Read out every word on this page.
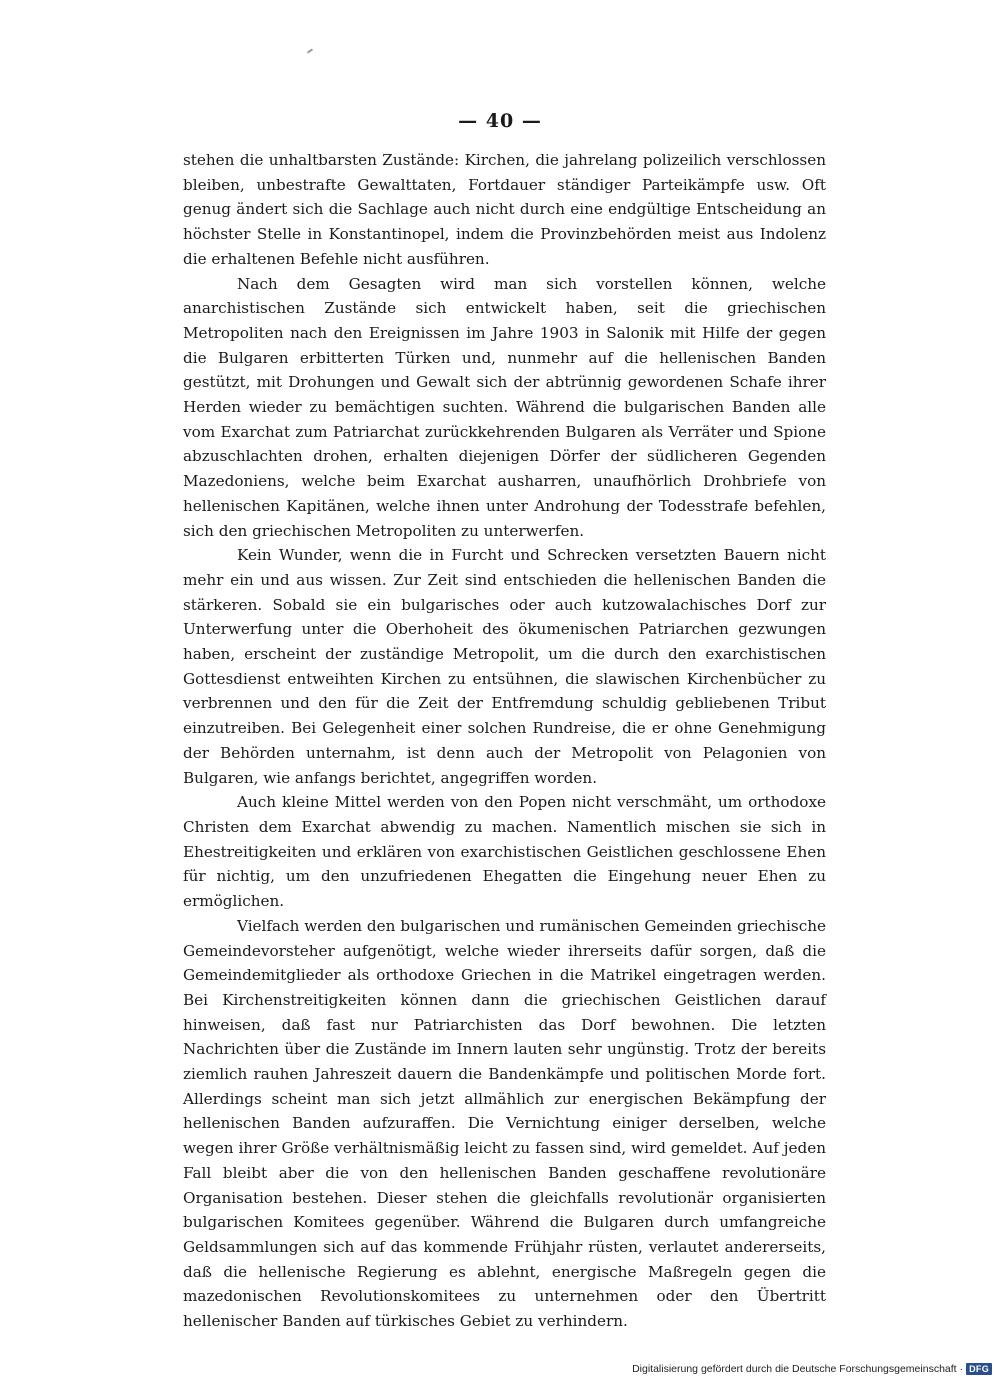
— 40 —

stehen die unhaltbarsten Zustände: Kirchen, die jahrelang polizeilich verschlossen bleiben, unbestrafte Gewalttaten, Fortdauer ständiger Parteikämpfe usw. Oft genug ändert sich die Sachlage auch nicht durch eine endgültige Entscheidung an höchster Stelle in Konstantinopel, indem die Provinzbehörden meist aus Indolenz die erhaltenen Befehle nicht ausführen.

Nach dem Gesagten wird man sich vorstellen können, welche anarchistischen Zustände sich entwickelt haben, seit die griechischen Metropoliten nach den Ereignissen im Jahre 1903 in Salonik mit Hilfe der gegen die Bulgaren erbitterten Türken und, nunmehr auf die hellenischen Banden gestützt, mit Drohungen und Gewalt sich der abtrünnig gewordenen Schafe ihrer Herden wieder zu bemächtigen suchten. Während die bulgarischen Banden alle vom Exarchat zum Patriarchat zurückkehrenden Bulgaren als Verräter und Spione abzuschlachten drohen, erhalten diejenigen Dörfer der südlicheren Gegenden Mazedoniens, welche beim Exarchat ausharren, unaufhörlich Drohbriefe von hellenischen Kapitänen, welche ihnen unter Androhung der Todesstrafe befehlen, sich den griechischen Metropoliten zu unterwerfen.

Kein Wunder, wenn die in Furcht und Schrecken versetzten Bauern nicht mehr ein und aus wissen. Zur Zeit sind entschieden die hellenischen Banden die stärkeren. Sobald sie ein bulgarisches oder auch kutzowalachisches Dorf zur Unterwerfung unter die Oberhoheit des ökumenischen Patriarchen gezwungen haben, erscheint der zuständige Metropolit, um die durch den exarchistischen Gottesdienst entweihten Kirchen zu entsühnen, die slawischen Kirchenbücher zu verbrennen und den für die Zeit der Entfremdung schuldig gebliebenen Tribut einzutreiben. Bei Gelegenheit einer solchen Rundreise, die er ohne Genehmigung der Behörden unternahm, ist denn auch der Metropolit von Pelagonien von Bulgaren, wie anfangs berichtet, angegriffen worden.

Auch kleine Mittel werden von den Popen nicht verschmäht, um orthodoxe Christen dem Exarchat abwendig zu machen. Namentlich mischen sie sich in Ehestreitigkeiten und erklären von exarchistischen Geistlichen geschlossene Ehen für nichtig, um den unzufriedenen Ehegatten die Eingehung neuer Ehen zu ermöglichen.

Vielfach werden den bulgarischen und rumänischen Gemeinden griechische Gemeindevorsteher aufgenötigt, welche wieder ihrerseits dafür sorgen, daß die Gemeindemitglieder als orthodoxe Griechen in die Matrikel eingetragen werden. Bei Kirchenstreitigkeiten können dann die griechischen Geistlichen darauf hinweisen, daß fast nur Patriarchisten das Dorf bewohnen. Die letzten Nachrichten über die Zustände im Innern lauten sehr ungünstig. Trotz der bereits ziemlich rauhen Jahreszeit dauern die Bandenkämpfe und politischen Morde fort. Allerdings scheint man sich jetzt allmählich zur energischen Bekämpfung der hellenischen Banden aufzuraffen. Die Vernichtung einiger derselben, welche wegen ihrer Größe verhältnismäßig leicht zu fassen sind, wird gemeldet. Auf jeden Fall bleibt aber die von den hellenischen Banden geschaffene revolutionäre Organisation bestehen. Dieser stehen die gleichfalls revolutionär organisierten bulgarischen Komitees gegenüber. Während die Bulgaren durch umfangreiche Geldsammlungen sich auf das kommende Frühjahr rüsten, verlautet andererseits, daß die hellenische Regierung es ablehnt, energische Maßregeln gegen die mazedonischen Revolutionskomitees zu unternehmen oder den Übertritt hellenischer Banden auf türkisches Gebiet zu verhindern.

Digitalisierung gefördert durch die Deutsche Forschungsgemeinschaft · DFG
